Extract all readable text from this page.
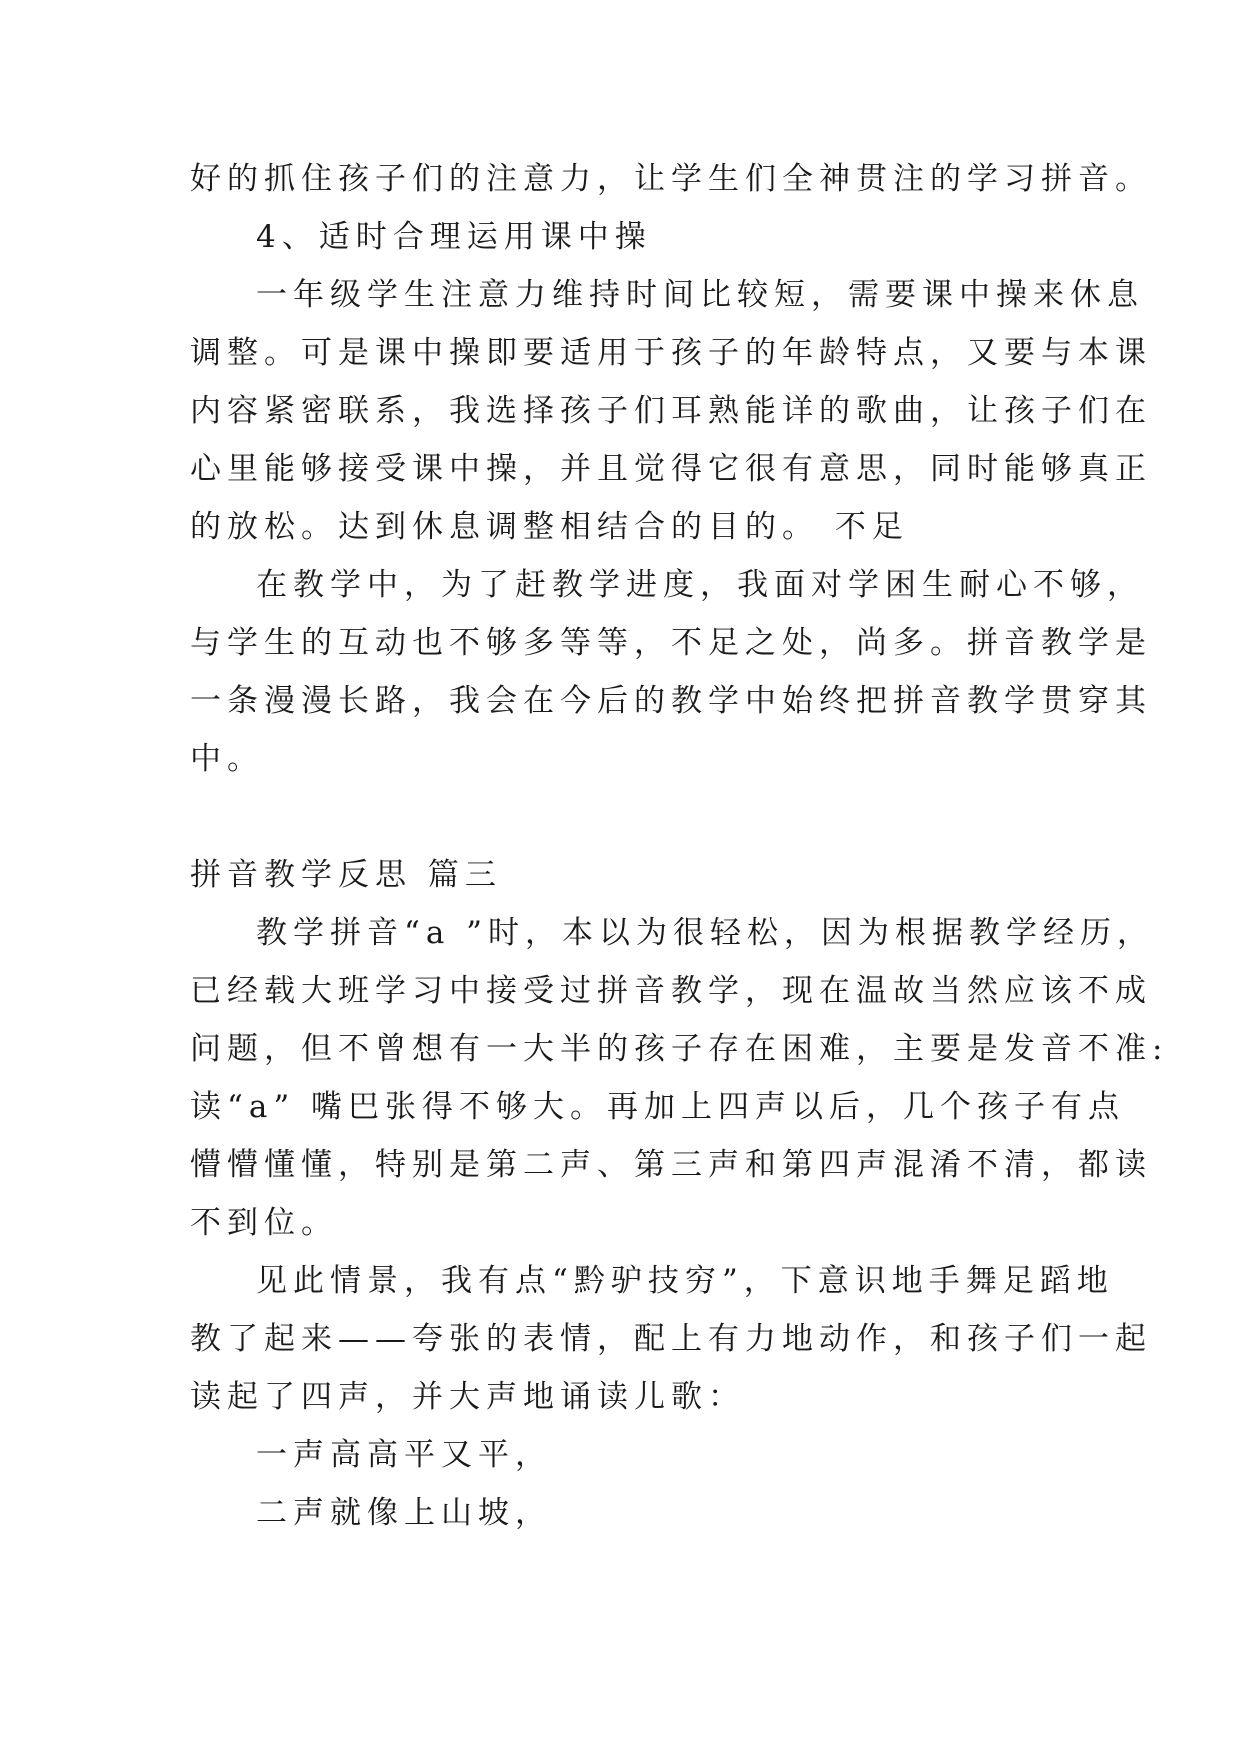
好的抓住孩子们的注意力，让学生们全神贯注的学习拼音。
4、适时合理运用课中操
一年级学生注意力维持时间比较短，需要课中操来休息
调整。可是课中操即要适用于孩子的年龄特点，又要与本课
内容紧密联系，我选择孩子们耳熟能详的歌曲，让孩子们在
心里能够接受课中操，并且觉得它很有意思，同时能够真正
的放松。达到休息调整相结合的目的。 不足
在教学中，为了赶教学进度，我面对学困生耐心不够，
与学生的互动也不够多等等，不足之处，尚多。拼音教学是
一条漫漫长路，我会在今后的教学中始终把拼音教学贯穿其
中。
拼音教学反思 篇三
教学拼音“a ”时，本以为很轻松，因为根据教学经历，
已经载大班学习中接受过拼音教学，现在温故当然应该不成
问题，但不曾想有一大半的孩子存在困难，主要是发音不准:
读“a” 嘴巴张得不够大。再加上四声以后，几个孩子有点
懵懵懂懂，特别是第二声、第三声和第四声混淆不清，都读
不到位。
见此情景，我有点“黔驴技穷”，下意识地手舞足蹈地
教了起来——夸张的表情，配上有力地动作，和孩子们一起
读起了四声，并大声地诵读儿歌：
一声高高平又平，
二声就像上山坡，
